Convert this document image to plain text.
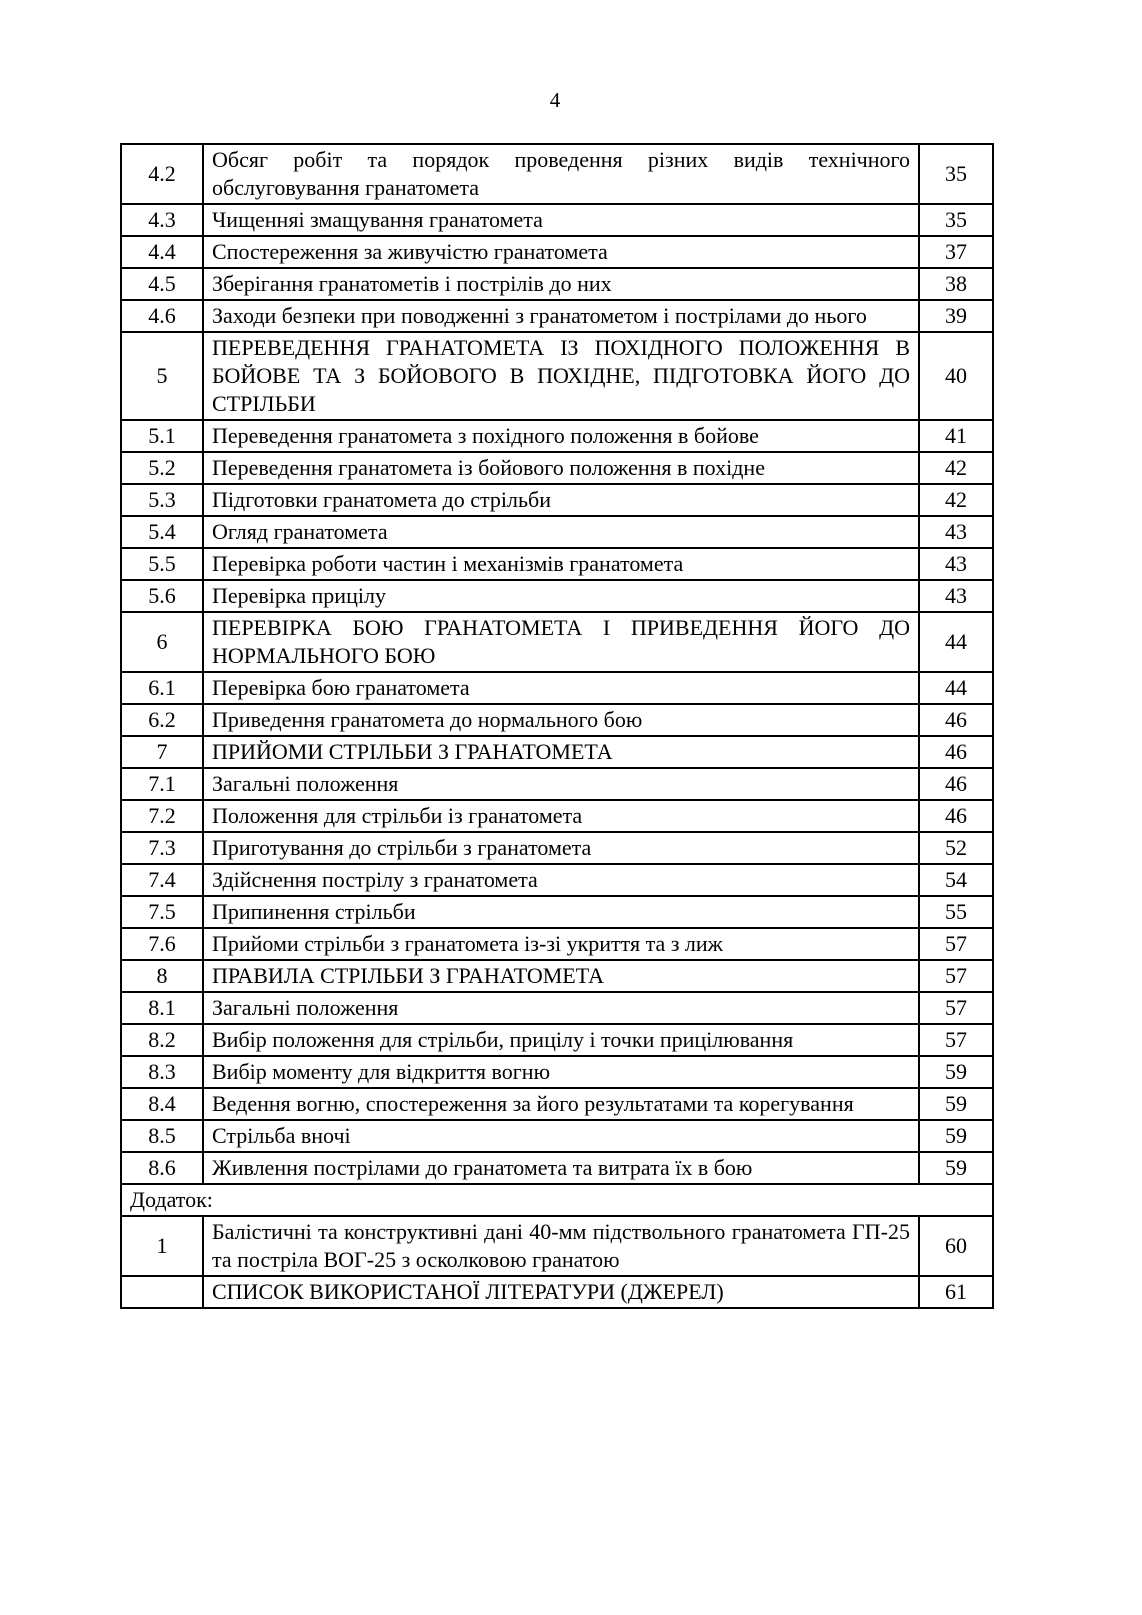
4
4.2	Обсяг робіт та порядок проведення різних видів технічного обслуговування гранатомета	35
4.3	Чищенняі змащування гранатомета	35
4.4	Спостереження за живучістю гранатомета	37
4.5	Зберігання гранатометів і пострілів до них	38
4.6	Заходи безпеки при поводженні з гранатометом і пострілами до нього	39
5	ПЕРЕВЕДЕННЯ ГРАНАТОМЕТА ІЗ ПОХІДНОГО ПОЛОЖЕННЯ В БОЙОВЕ ТА З БОЙОВОГО В ПОХІДНЕ, ПІДГОТОВКА ЙОГО ДО СТРІЛЬБИ	40
5.1	Переведення гранатомета з похідного положення в бойове	41
5.2	Переведення гранатомета із бойового положення в похідне	42
5.3	Підготовки гранатомета до стрільби	42
5.4	Огляд гранатомета	43
5.5	Перевірка роботи частин і механізмів гранатомета	43
5.6	Перевірка прицілу	43
6	ПЕРЕВІРКА БОЮ ГРАНАТОМЕТА І ПРИВЕДЕННЯ ЙОГО ДО НОРМАЛЬНОГО БОЮ	44
6.1	Перевірка бою гранатомета	44
6.2	Приведення гранатомета до нормального бою	46
7	ПРИЙОМИ СТРІЛЬБИ З ГРАНАТОМЕТА	46
7.1	Загальні положення	46
7.2	Положення для стрільби із гранатомета	46
7.3	Приготування до стрільби з гранатомета	52
7.4	Здійснення пострілу з гранатомета	54
7.5	Припинення стрільби	55
7.6	Прийоми стрільби з гранатомета із-зі укриття та з лиж	57
8	ПРАВИЛА СТРІЛЬБИ З ГРАНАТОМЕТА	57
8.1	Загальні положення	57
8.2	Вибір положення для стрільби, прицілу і точки прицілювання	57
8.3	Вибір моменту для відкриття вогню	59
8.4	Ведення вогню, спостереження за його результатами та корегування	59
8.5	Стрільба вночі	59
8.6	Живлення пострілами до гранатомета та витрата їх в бою	59
Додаток:		
1	Балістичні та конструктивні дані 40-мм підствольного гранатомета ГП-25 та постріла ВОГ-25 з осколковою гранатою	60
	СПИСОК ВИКОРИСТАНОЇ ЛІТЕРАТУРИ (ДЖЕРЕЛ)	61
